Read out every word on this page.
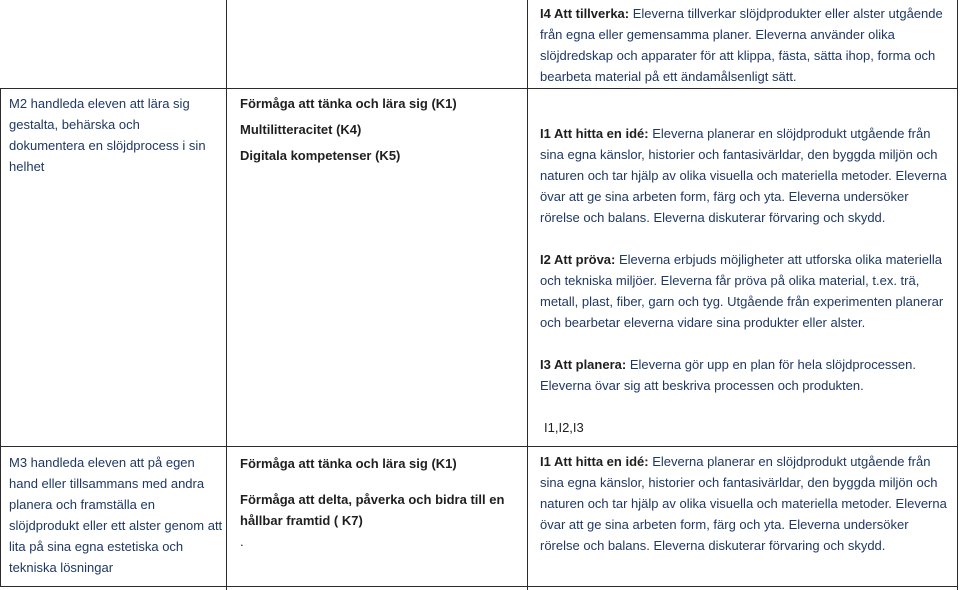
I4 Att tillverka: Eleverna tillverkar slöjdprodukter eller alster utgående från egna eller gemensamma planer. Eleverna använder olika slöjdredskap och apparater för att klippa, fästa, sätta ihop, forma och bearbeta material på ett ändamålsenligt sätt.

M2 handleda eleven att lära sig gestalta, behärska och dokumentera en slöjdprocess i sin helhet

Förmåga att tänka och lära sig (K1)

Multilitteracitet (K4)

Digitala kompetenser (K5)

I1 Att hitta en idé: Eleverna planerar en slöjdprodukt utgående från sina egna känslor, historier och fantasivärldar, den byggda miljön och naturen och tar hjälp av olika visuella och materiella metoder. Eleverna övar att ge sina arbeten form, färg och yta. Eleverna undersöker rörelse och balans. Eleverna diskuterar förvaring och skydd.

I2 Att pröva: Eleverna erbjuds möjligheter att utforska olika materiella och tekniska miljöer. Eleverna får pröva på olika material, t.ex. trä, metall, plast, fiber, garn och tyg. Utgående från experimenten planerar och bearbetar eleverna vidare sina produkter eller alster.

I3 Att planera: Eleverna gör upp en plan för hela slöjdprocessen. Eleverna övar sig att beskriva processen och produkten.

I1,I2,I3

M3 handleda eleven att på egen hand eller tillsammans med andra planera och framställa en slöjdprodukt eller ett alster genom att lita på sina egna estetiska och tekniska lösningar

Förmåga att tänka och lära sig (K1)

Förmåga att delta, påverka och bidra till en hållbar framtid ( K7)

.

I1 Att hitta en idé: Eleverna planerar en slöjdprodukt utgående från sina egna känslor, historier och fantasivärldar, den byggda miljön och naturen och tar hjälp av olika visuella och materiella metoder. Eleverna övar att ge sina arbeten form, färg och yta. Eleverna undersöker rörelse och balans. Eleverna diskuterar förvaring och skydd.
